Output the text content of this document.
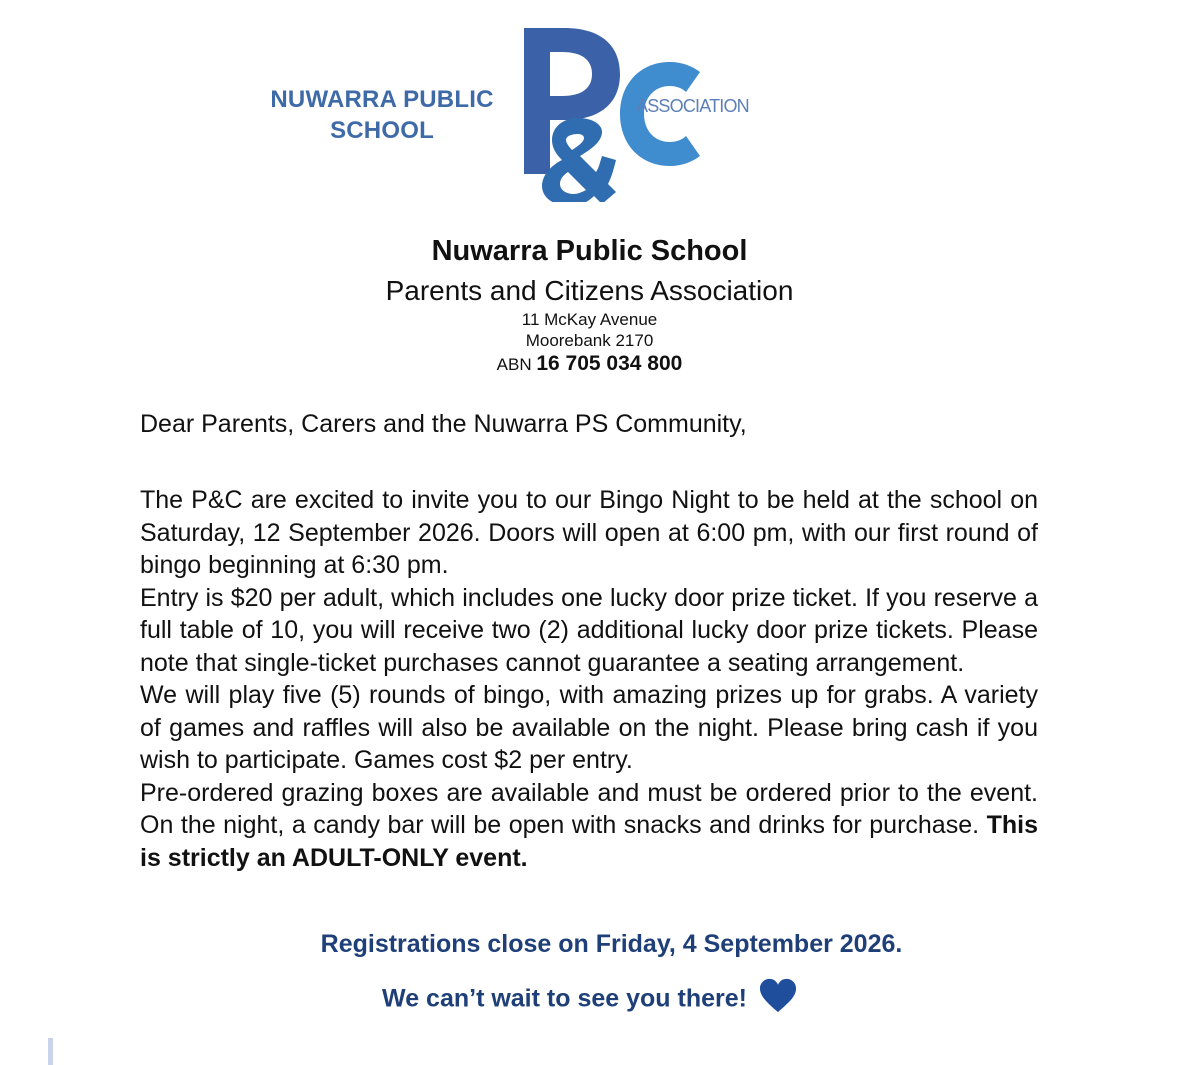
NUWARRA PUBLIC SCHOOL
ASSOCIATION
Nuwarra Public School
Parents and Citizens Association
11 McKay Avenue
Moorebank 2170
ABN 16 705 034 800
Dear Parents, Carers and the Nuwarra PS Community,

The P&C are excited to invite you to our Bingo Night to be held at the school on Saturday, 12 September 2026. Doors will open at 6:00 pm, with our first round of bingo beginning at 6:30 pm.

Entry is $20 per adult, which includes one lucky door prize ticket. If you reserve a full table of 10, you will receive two (2) additional lucky door prize tickets. Please note that single-ticket purchases cannot guarantee a seating arrangement.

We will play five (5) rounds of bingo, with amazing prizes up for grabs. A variety of games and raffles will also be available on the night. Please bring cash if you wish to participate. Games cost $2 per entry.

Pre-ordered grazing boxes are available and must be ordered prior to the event. On the night, a candy bar will be open with snacks and drinks for purchase. This is strictly an ADULT-ONLY event.

Registrations close on Friday, 4 September 2026.
We can’t wait to see you there!
